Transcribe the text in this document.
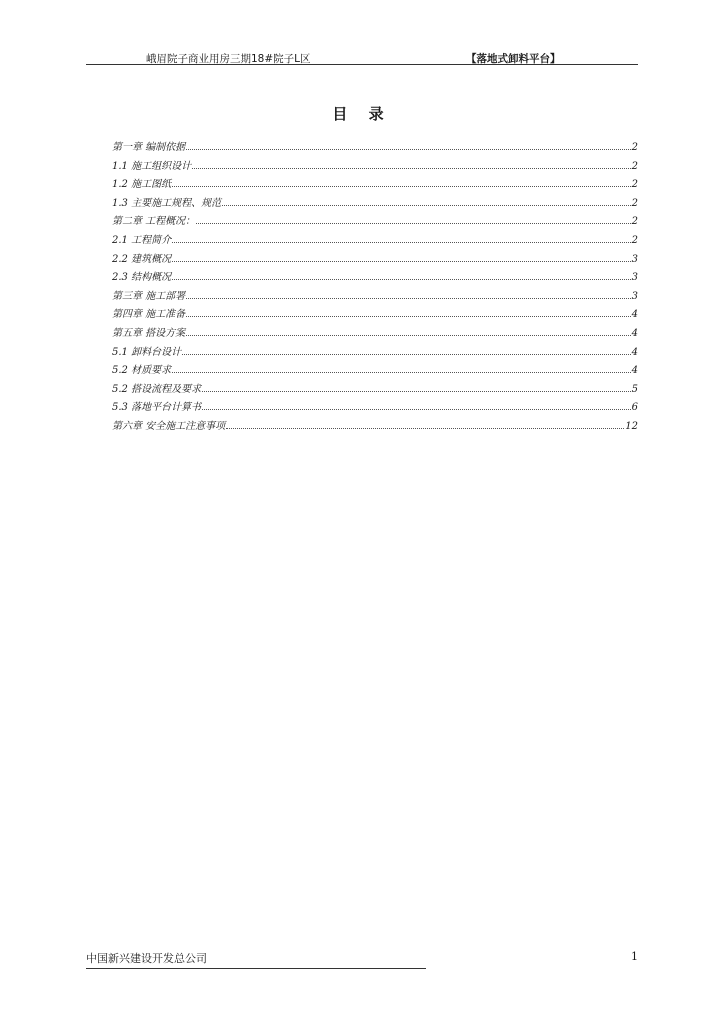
峨眉院子商业用房三期18#院子L区	【落地式卸料平台】
目 录
第一章 编制依据	2
1.1 施工组织设计	2
1.2 施工图纸	2
1.3 主要施工规程、规范	2
第二章 工程概况：	2
2.1 工程简介	2
2.2 建筑概况	3
2.3 结构概况	3
第三章 施工部署	3
第四章 施工准备	4
第五章 搭设方案	4
5.1 卸料台设计	4
5.2 材质要求	4
5.2 搭设流程及要求	5
5.3 落地平台计算书	6
第六章 安全施工注意事项	12
中国新兴建设开发总公司	1
